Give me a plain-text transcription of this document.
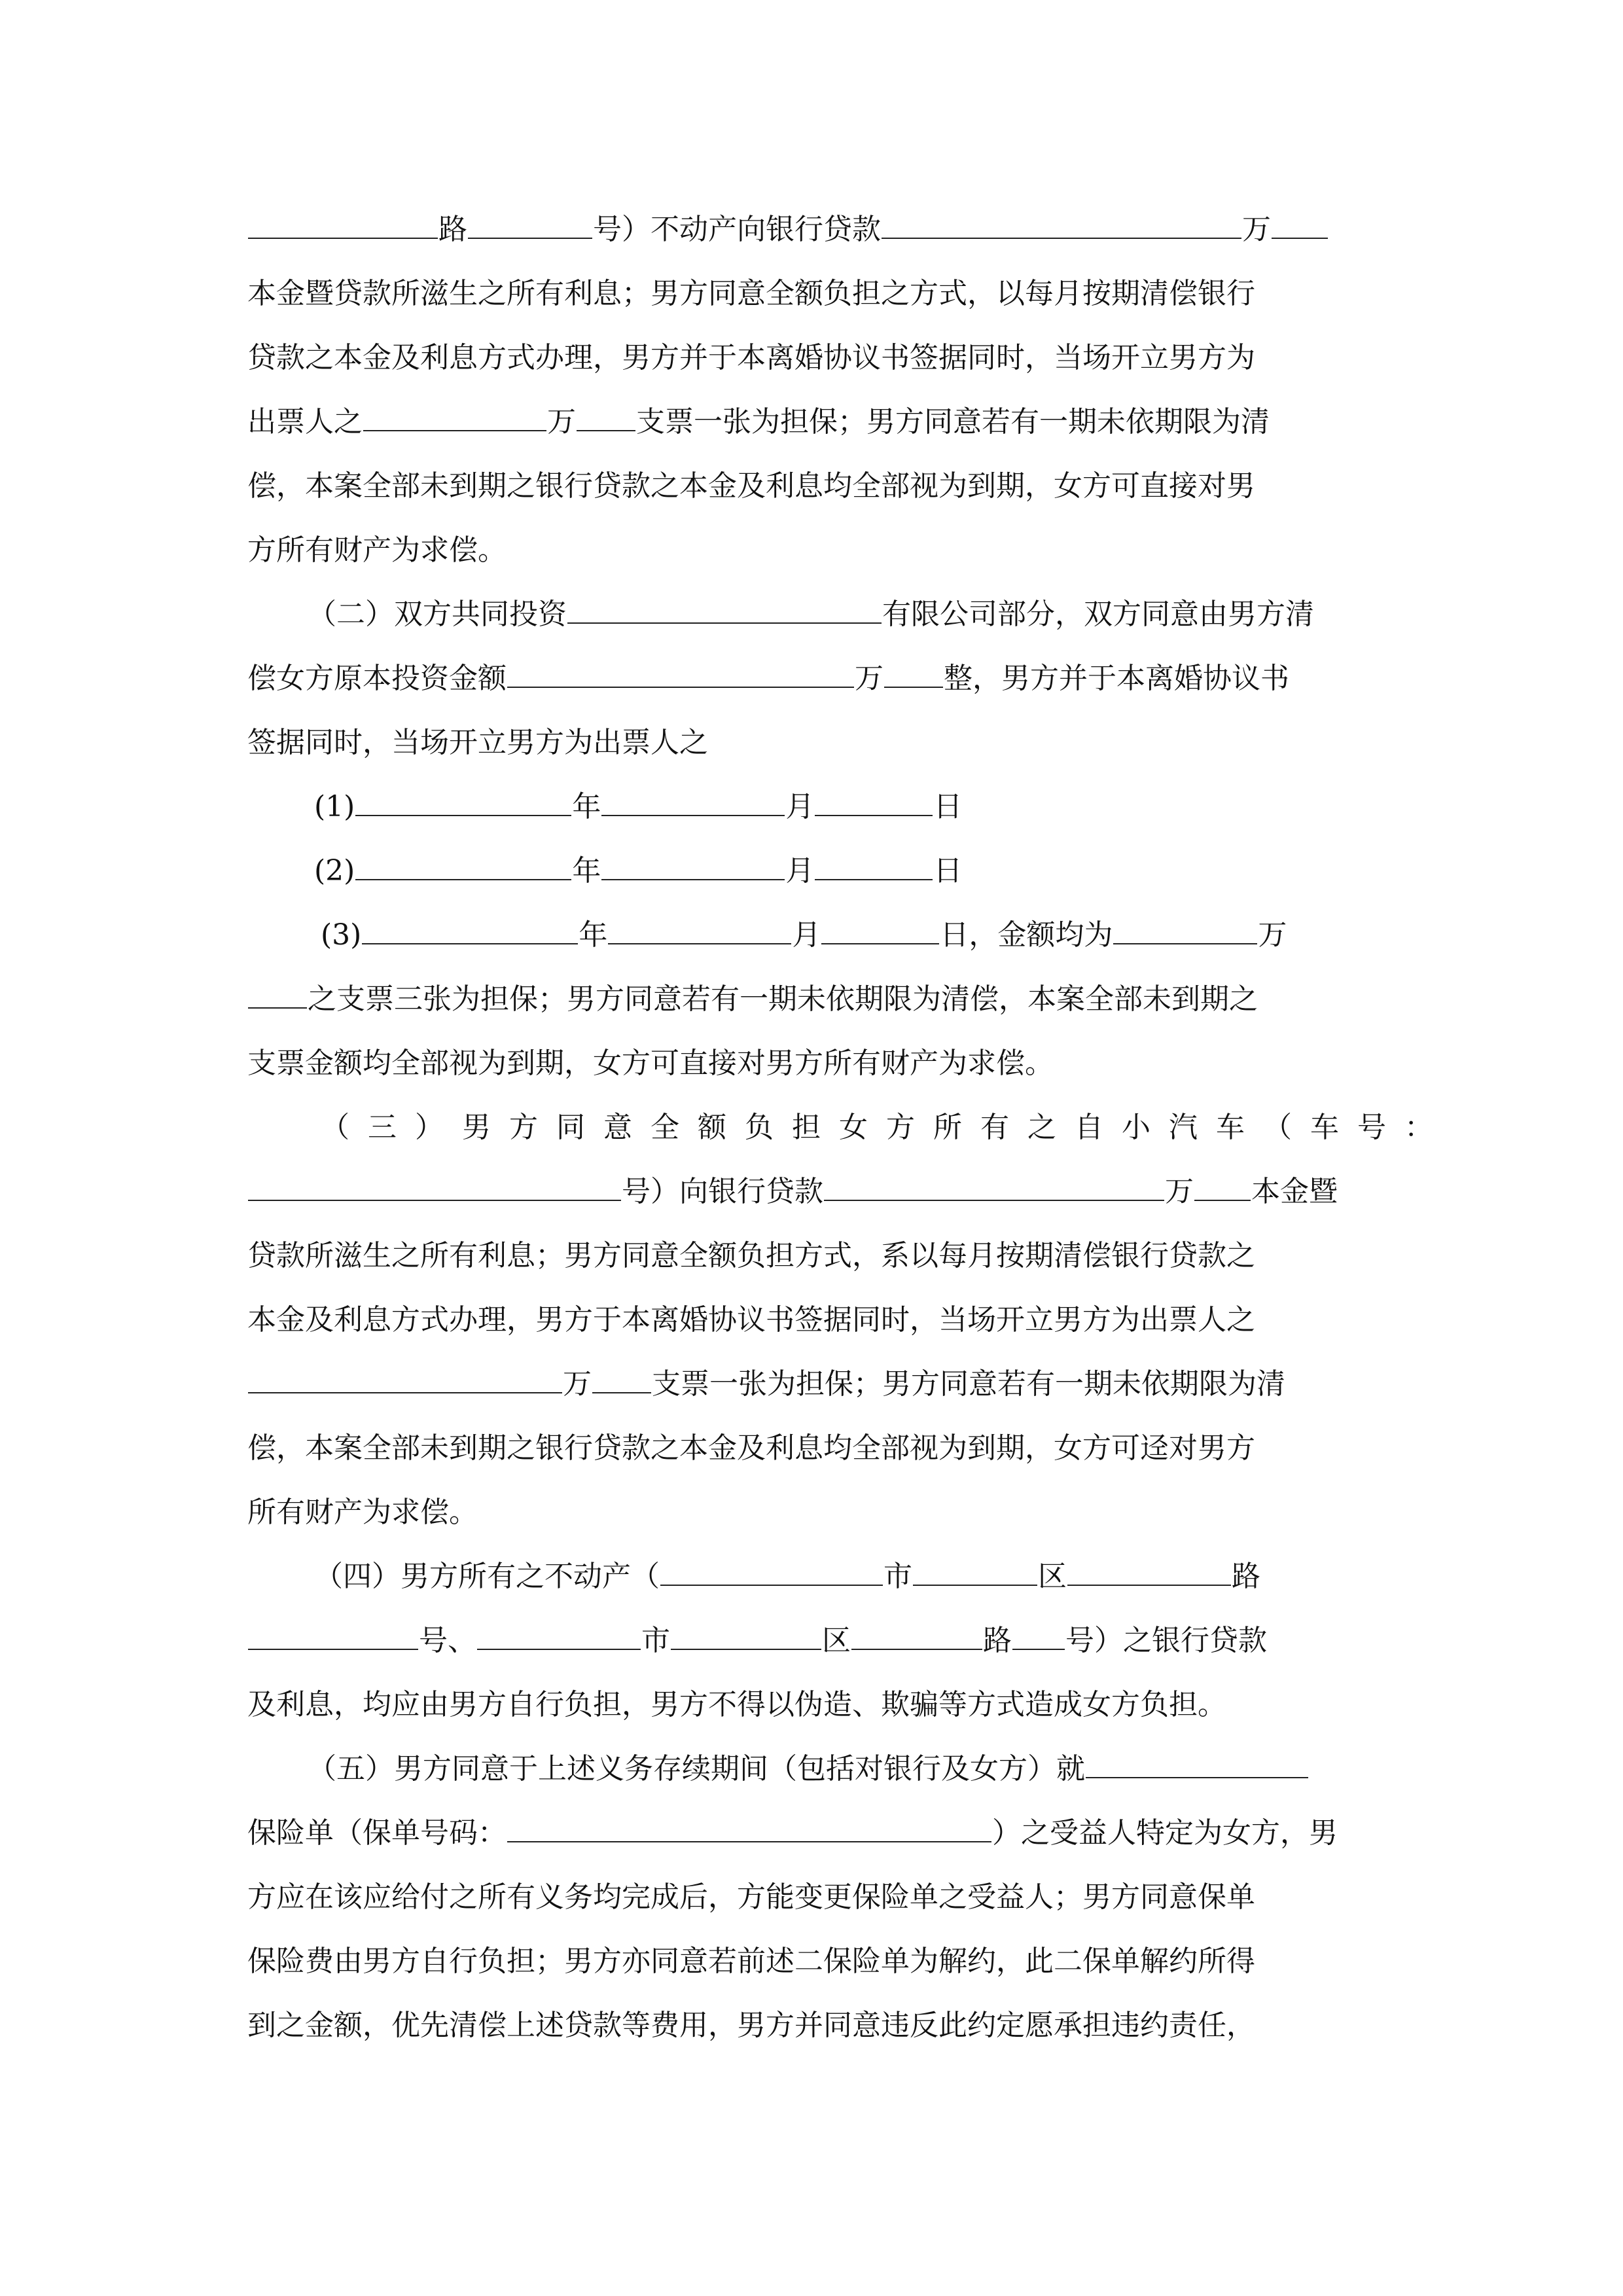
路	号）不动产向银行贷款	万
本金暨贷款所滋生之所有利息；男方同意全额负担之方式，以每月按期清偿银行
贷款之本金及利息方式办理，男方并于本离婚协议书签据同时，当场开立男方为
出票人之	万 支票一张为担保；男方同意若有一期未依期限为清
偿，本案全部未到期之银行贷款之本金及利息均全部视为到期，女方可直接对男
方所有财产为求偿。
（二）双方共同投资	有限公司部分，双方同意由男方清
偿女方原本投资金额	万 整，男方并于本离婚协议书
签据同时，当场开立男方为出票人之
(1)	年	月	日
(2)	年	月	日
(3)	年	月	日，金额均为	万
之支票三张为担保；男方同意若有一期未依期限为清偿，本案全部未到期之
支票金额均全部视为到期，女方可直接对男方所有财产为求偿。
（三）男方同意全额负担女方所有之自小汽车（车号：
号）向银行贷款	万 本金暨
贷款所滋生之所有利息；男方同意全额负担方式，系以每月按期清偿银行贷款之
本金及利息方式办理，男方于本离婚协议书签据同时，当场开立男方为出票人之
万 支票一张为担保；男方同意若有一期未依期限为清
偿，本案全部未到期之银行贷款之本金及利息均全部视为到期，女方可迳对男方
所有财产为求偿。
（四）男方所有之不动产（	市	区	路
号、	市	区	路 号）之银行贷款
及利息，均应由男方自行负担，男方不得以伪造、欺骗等方式造成女方负担。
（五）男方同意于上述义务存续期间（包括对银行及女方）就
保险单（保单号码：	）之受益人特定为女方，男
方应在该应给付之所有义务均完成后，方能变更保险单之受益人；男方同意保单
保险费由男方自行负担；男方亦同意若前述二保险单为解约，此二保单解约所得
到之金额，优先清偿上述贷款等费用，男方并同意违反此约定愿承担违约责任，
